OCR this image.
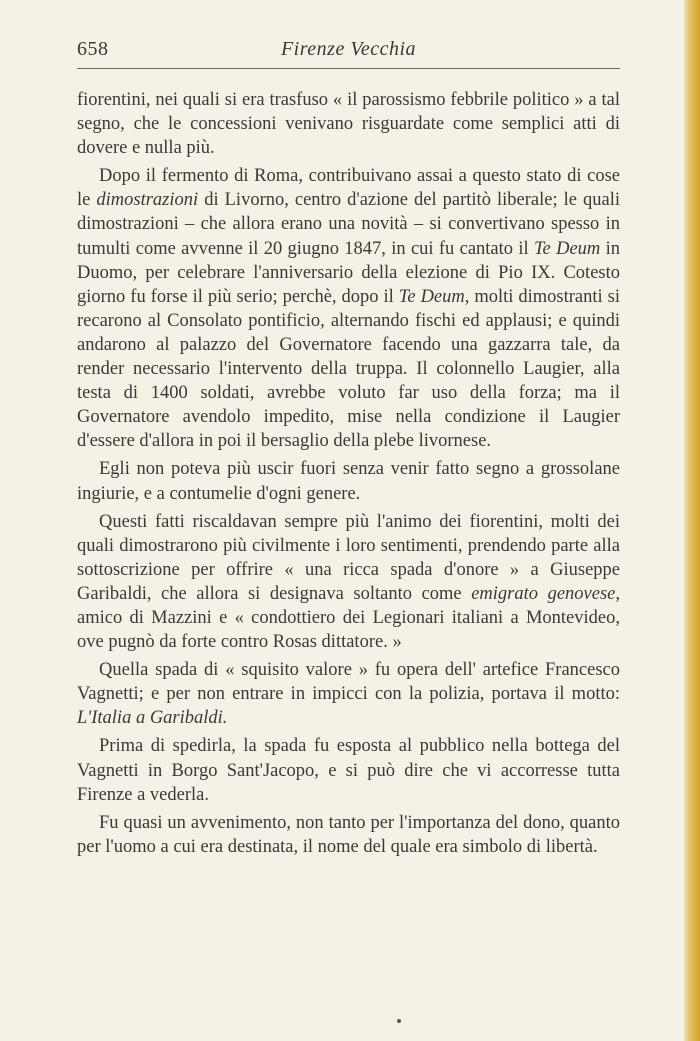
658	Firenze Vecchia

fiorentini, nei quali si era trasfuso « il parossismo febbrile politico » a tal segno, che le concessioni venivano risguardate come semplici atti di dovere e nulla più.

Dopo il fermento di Roma, contribuivano assai a questo stato di cose le dimostrazioni di Livorno, centro d'azione del partitò liberale; le quali dimostrazioni – che allora erano una novità – si convertivano spesso in tumulti come avvenne il 20 giugno 1847, in cui fu cantato il Te Deum in Duomo, per celebrare l'anniversario della elezione di Pio IX. Cotesto giorno fu forse il più serio; perchè, dopo il Te Deum, molti dimostranti si recarono al Consolato pontificio, alternando fischi ed applausi; e quindi andarono al palazzo del Governatore facendo una gazzarra tale, da render necessario l'intervento della truppa. Il colonnello Laugier, alla testa di 1400 soldati, avrebbe voluto far uso della forza; ma il Governatore avendolo impedito, mise nella condizione il Laugier d'essere d'allora in poi il bersaglio della plebe livornese.

Egli non poteva più uscir fuori senza venir fatto segno a grossolane ingiurie, e a contumelie d'ogni genere.

Questi fatti riscaldavan sempre più l'animo dei fiorentini, molti dei quali dimostrarono più civilmente i loro sentimenti, prendendo parte alla sottoscrizione per offrire « una ricca spada d'onore » a Giuseppe Garibaldi, che allora si designava soltanto come emigrato genovese, amico di Mazzini e « condottiero dei Legionari italiani a Montevideo, ove pugnò da forte contro Rosas dittatore. »

Quella spada di « squisito valore » fu opera dell' artefice Francesco Vagnetti; e per non entrare in impicci con la polizia, portava il motto: L'Italia a Garibaldi.

Prima di spedirla, la spada fu esposta al pubblico nella bottega del Vagnetti in Borgo Sant'Jacopo, e si può dire che vi accorresse tutta Firenze a vederla.

Fu quasi un avvenimento, non tanto per l'importanza del dono, quanto per l'uomo a cui era destinata, il nome del quale era simbolo di libertà.
